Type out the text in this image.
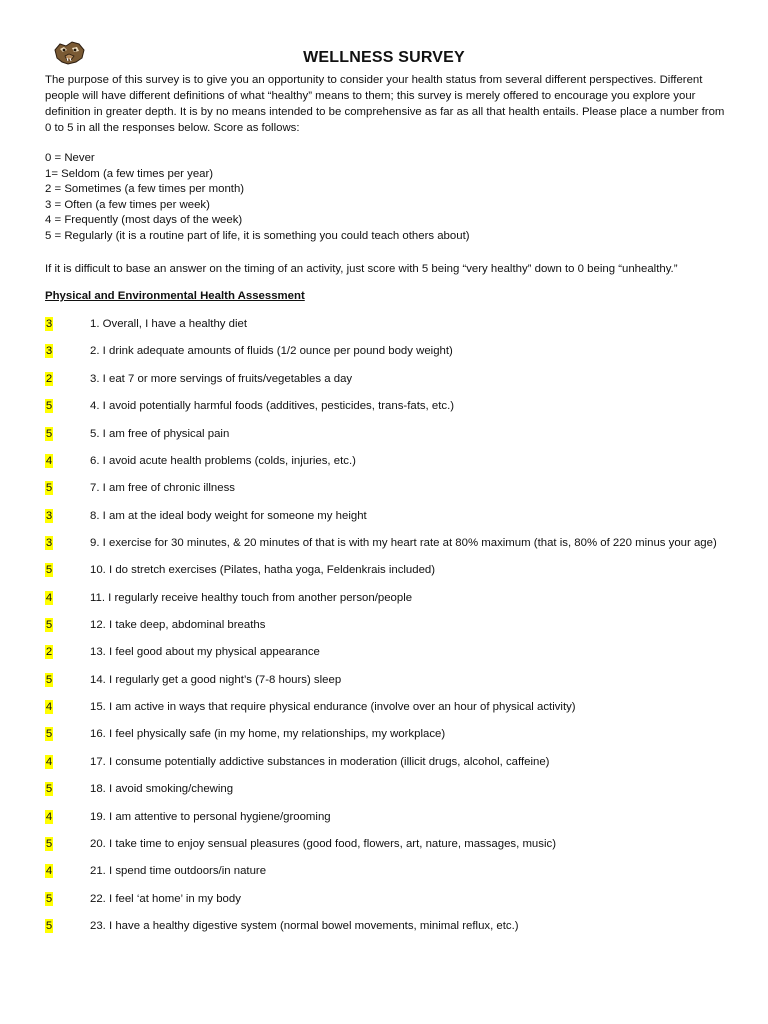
WELLNESS SURVEY
The purpose of this survey is to give you an opportunity to consider your health status from several different perspectives. Different people will have different definitions of what “healthy” means to them; this survey is merely offered to encourage you explore your definition in greater depth. It is by no means intended to be comprehensive as far as all that health entails. Please place a number from 0 to 5 in all the responses below. Score as follows:
0 = Never
1= Seldom (a few times per year)
2 = Sometimes (a few times per month)
3 = Often (a few times per week)
4 = Frequently (most days of the week)
5 = Regularly (it is a routine part of life, it is something you could teach others about)
If it is difficult to base an answer on the timing of an activity, just score with 5 being “very healthy” down to 0 being “unhealthy.”
Physical and Environmental Health Assessment
3	1. Overall, I have a healthy diet
3	2. I drink adequate amounts of fluids (1/2 ounce per pound body weight)
2	3. I eat 7 or more servings of fruits/vegetables a day
5	4. I avoid potentially harmful foods (additives, pesticides, trans-fats, etc.)
5	5. I am free of physical pain
4	6. I avoid acute health problems (colds, injuries, etc.)
5	7. I am free of chronic illness
3	8. I am at the ideal body weight for someone my height
3	9. I exercise for 30 minutes, & 20 minutes of that is with my heart rate at 80% maximum (that is, 80% of 220 minus your age)
5	10. I do stretch exercises (Pilates, hatha yoga, Feldenkrais included)
4	11. I regularly receive healthy touch from another person/people
5	12. I take deep, abdominal breaths
2	13. I feel good about my physical appearance
5	14. I regularly get a good night’s (7-8 hours) sleep
4	15. I am active in ways that require physical endurance (involve over an hour of physical activity)
5	16. I feel physically safe (in my home, my relationships, my workplace)
4	17. I consume potentially addictive substances in moderation (illicit drugs, alcohol, caffeine)
5	18. I avoid smoking/chewing
4	19. I am attentive to personal hygiene/grooming
5	20. I take time to enjoy sensual pleasures (good food, flowers, art, nature, massages, music)
4	21. I spend time outdoors/in nature
5	22. I feel ‘at home’ in my body
5	23. I have a healthy digestive system (normal bowel movements, minimal reflux, etc.)
